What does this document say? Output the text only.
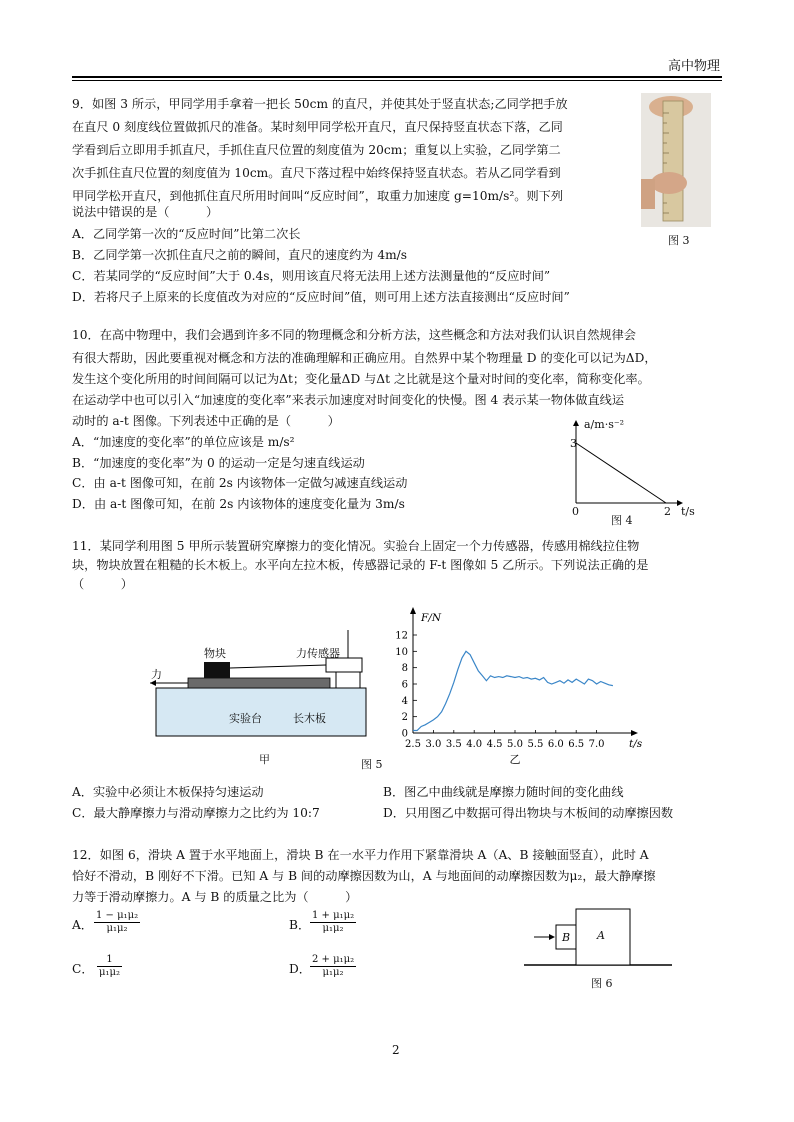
高中物理
9．如图 3 所示，甲同学用手拿着一把长 50cm 的直尺，并使其处于竖直状态;乙同学把手放
在直尺 0 刻度线位置做抓尺的准备。某时刻甲同学松开直尺，直尺保持竖直状态下落，乙同
学看到后立即用手抓直尺，手抓住直尺位置的刻度值为 20cm；重复以上实验，乙同学第二
次手抓住直尺位置的刻度值为 10cm。直尺下落过程中始终保持竖直状态。若从乙同学看到
甲同学松开直尺，到他抓住直尺所用时间叫“反应时间”，取重力加速度 g=10m/s²。则下列
说法中错误的是（　　　）
A．乙同学第一次的“反应时间”比第二次长
B．乙同学第一次抓住直尺之前的瞬间，直尺的速度约为 4m/s
C．若某同学的“反应时间”大于 0.4s，则用该直尺将无法用上述方法测量他的“反应时间”
D．若将尺子上原来的长度值改为对应的“反应时间”值，则可用上述方法直接测出“反应时间”
图 3
10．在高中物理中，我们会遇到许多不同的物理概念和分析方法，这些概念和方法对我们认识自然规律会
有很大帮助，因此要重视对概念和方法的准确理解和正确应用。自然界中某个物理量 D 的变化可以记为ΔD，
发生这个变化所用的时间间隔可以记为Δt；变化量ΔD 与Δt 之比就是这个量对时间的变化率，简称变化率。
在运动学中也可以引入“加速度的变化率”来表示加速度对时间变化的快慢。图 4 表示某一物体做直线运
动时的 a-t 图像。下列表述中正确的是（　　　）
A．“加速度的变化率”的单位应该是 m/s²
B．“加速度的变化率”为 0 的运动一定是匀速直线运动
C．由 a-t 图像可知，在前 2s 内该物体一定做匀减速直线运动
D．由 a-t 图像可知，在前 2s 内该物体的速度变化量为 3m/s
a/m·s⁻²
3
0	2 t/s
图 4
11．某同学利用图 5 甲所示装置研究摩擦力的变化情况。实验台上固定一个力传感器，传感用棉线拉住物
块，物块放置在粗糙的长木板上。水平向左拉木板，传感器记录的 F-t 图像如 5 乙所示。下列说法正确的是
（　　　）
物块	力传感器
力
实验台	长木板
甲	图 5
0
2
4
6
8
10
12
2.5 3.0 3.5 4.0 4.5 5.0 5.5 6.0 6.5 7.0
F/N
t/s
乙
A．实验中必须让木板保持匀速运动	B．图乙中曲线就是摩擦力随时间的变化曲线
C．最大静摩擦力与滑动摩擦力之比约为 10:7	D．只用图乙中数据可得出物块与木板间的动摩擦因数
12．如图 6，滑块 A 置于水平地面上，滑块 B 在一水平力作用下紧靠滑块 A（A、B 接触面竖直），此时 A
恰好不滑动，B 刚好不下滑。已知 A 与 B 间的动摩擦因数为山，A 与地面间的动摩擦因数为μ₂，最大静摩擦
力等于滑动摩擦力。A 与 B 的质量之比为（　　　）
A． $\frac{\text{1 − μ₁μ₂}}{\text{μ₁μ₂}}$	B． $\frac{\text{1 + μ₁μ₂}}{\text{μ₁μ₂}}$
C． $\frac{1}{\text{μ₁μ₂}}$	D． $\frac{\text{2 + μ₁μ₂}}{\text{μ₁μ₂}}$
B A
图 6
2
